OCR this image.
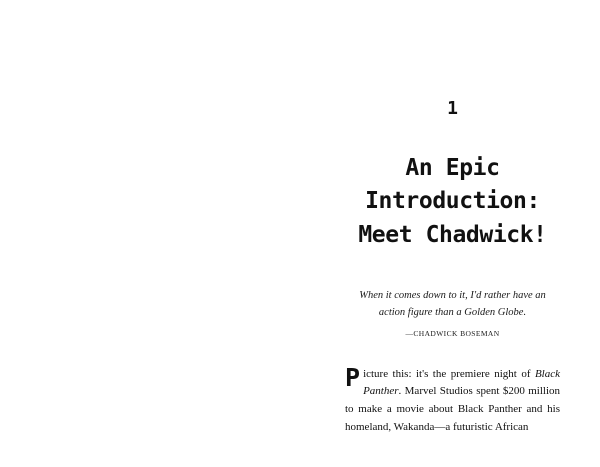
1
An Epic
Introduction:
Meet Chadwick!
When it comes down to it, I'd rather have an
action figure than a Golden Globe.
—CHADWICK BOSEMAN

Picture this: it's the premiere night of Black Panther. Marvel Studios spent $200 million to make a movie about Black Panther and his homeland, Wakanda—a futuristic African
